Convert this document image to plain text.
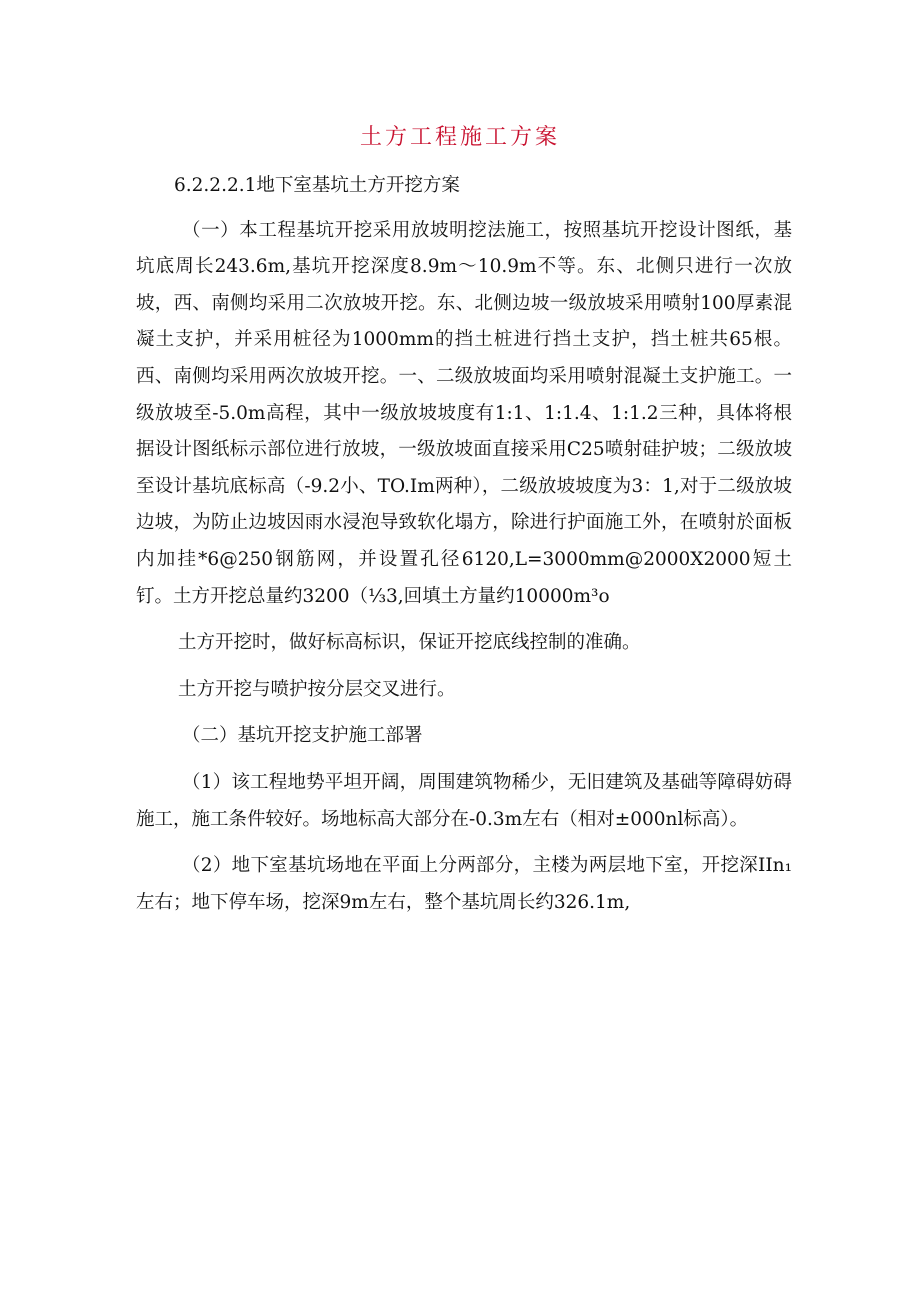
土方工程施工方案

6.2.2.2.1地下室基坑土方开挖方案

（一）本工程基坑开挖采用放坡明挖法施工，按照基坑开挖设计图纸，基坑底周长243.6m,基坑开挖深度8.9m～10.9m不等。东、北侧只进行一次放坡，西、南侧均采用二次放坡开挖。东、北侧边坡一级放坡采用喷射100厚素混凝土支护，并采用桩径为1000mm的挡土桩进行挡土支护，挡土桩共65根。西、南侧均采用两次放坡开挖。一、二级放坡面均采用喷射混凝土支护施工。一级放坡至-5.0m高程，其中一级放坡坡度有1:1、1:1.4、1:1.2三种，具体将根据设计图纸标示部位进行放坡，一级放坡面直接采用C25喷射硅护坡；二级放坡至设计基坑底标高（-9.2小、TO.Im两种），二级放坡坡度为3：1,对于二级放坡边坡，为防止边坡因雨水浸泡导致软化塌方，除进行护面施工外，在喷射於面板内加挂*6@250钢筋网，并设置孔径6120,L=3000mm@2000X2000短土钉。土方开挖总量约3200（⅓3,回填土方量约10000m³o

土方开挖时，做好标高标识，保证开挖底线控制的准确。

土方开挖与喷护按分层交叉进行。

（二）基坑开挖支护施工部署

（1）该工程地势平坦开阔，周围建筑物稀少，无旧建筑及基础等障碍妨碍施工，施工条件较好。场地标高大部分在-0.3m左右（相对±000nl标高）。

（2）地下室基坑场地在平面上分两部分，主楼为两层地下室，开挖深IIn₁左右；地下停车场，挖深9m左右，整个基坑周长约326.1m,
